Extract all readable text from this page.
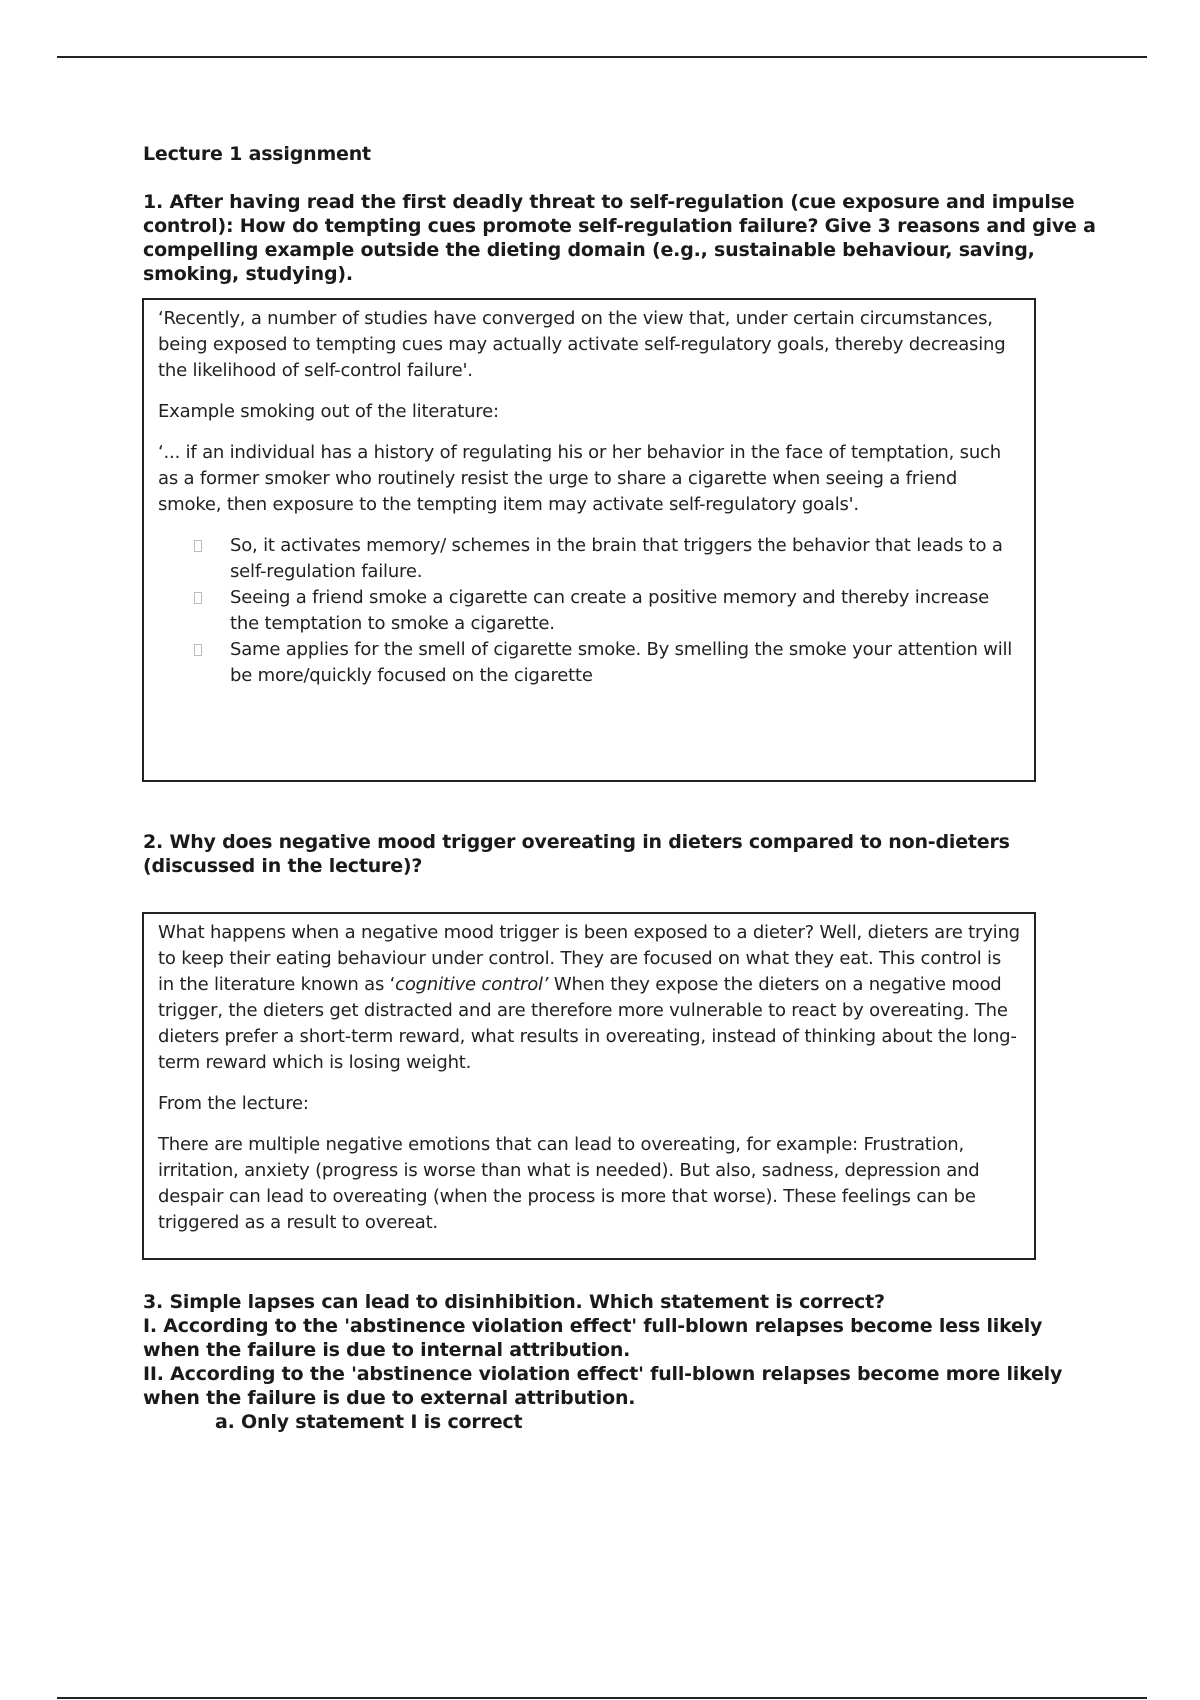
Lecture 1 assignment
1. After having read the first deadly threat to self-regulation (cue exposure and impulse control): How do tempting cues promote self-regulation failure? Give 3 reasons and give a compelling example outside the dieting domain (e.g., sustainable behaviour, saving, smoking, studying).

‘Recently, a number of studies have converged on the view that, under certain circumstances, being exposed to tempting cues may actually activate self-regulatory goals, thereby decreasing the likelihood of self-control failure'.

Example smoking out of the literature:

‘... if an individual has a history of regulating his or her behavior in the face of temptation, such as a former smoker who routinely resist the urge to share a cigarette when seeing a friend smoke, then exposure to the tempting item may activate self-regulatory goals'.

So, it activates memory/ schemes in the brain that triggers the behavior that leads to a self-regulation failure.
Seeing a friend smoke a cigarette can create a positive memory and thereby increase the temptation to smoke a cigarette.
Same applies for the smell of cigarette smoke. By smelling the smoke your attention will be more/quickly focused on the cigarette
2. Why does negative mood trigger overeating in dieters compared to non-dieters (discussed in the lecture)?

What happens when a negative mood trigger is been exposed to a dieter? Well, dieters are trying to keep their eating behaviour under control. They are focused on what they eat. This control is in the literature known as ‘cognitive control’ When they expose the dieters on a negative mood trigger, the dieters get distracted and are therefore more vulnerable to react by overeating. The dieters prefer a short-term reward, what results in overeating, instead of thinking about the long-term reward which is losing weight.

From the lecture:

There are multiple negative emotions that can lead to overeating, for example: Frustration, irritation, anxiety (progress is worse than what is needed). But also, sadness, depression and despair can lead to overeating (when the process is more that worse). These feelings can be triggered as a result to overeat.

3. Simple lapses can lead to disinhibition. Which statement is correct?
I. According to the 'abstinence violation effect' full-blown relapses become less likely when the failure is due to internal attribution.
II. According to the 'abstinence violation effect' full-blown relapses become more likely when the failure is due to external attribution.
a. Only statement I is correct
